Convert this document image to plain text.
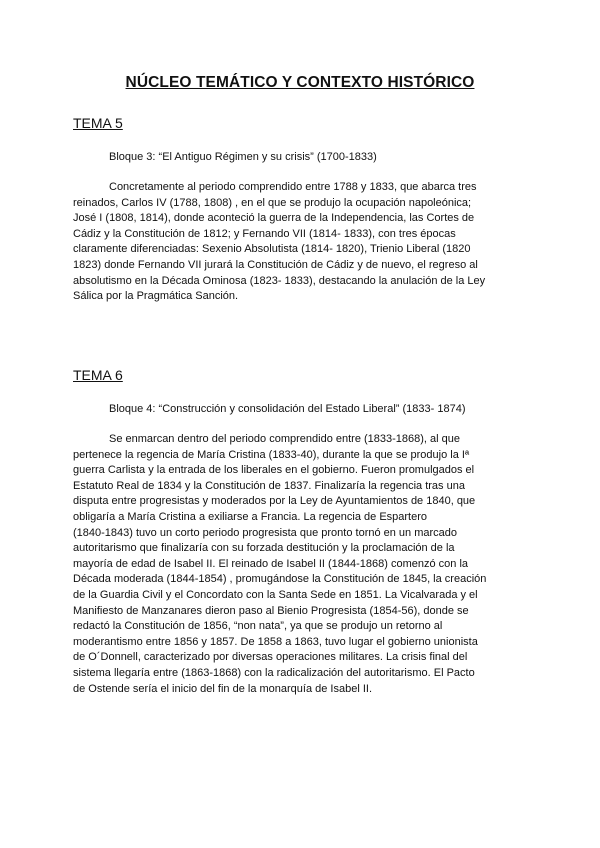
NÚCLEO TEMÁTICO Y CONTEXTO HISTÓRICO
TEMA 5
Bloque 3: “El Antiguo Régimen y su crisis” (1700-1833)
Concretamente al periodo comprendido entre 1788 y 1833, que abarca tres
reinados, Carlos IV (1788, 1808) , en el que se produjo la ocupación napoleónica;
José I (1808, 1814), donde aconteció la guerra de la Independencia, las Cortes de
Cádiz y la Constitución de 1812; y Fernando VII (1814- 1833), con tres épocas
claramente diferenciadas: Sexenio Absolutista (1814- 1820), Trienio Liberal (1820
1823) donde Fernando VII jurará la Constitución de Cádiz y de nuevo, el regreso al
absolutismo en la Década Ominosa (1823- 1833), destacando la anulación de la Ley
Sálica por la Pragmática Sanción.
TEMA 6
Bloque 4: “Construcción y consolidación del Estado Liberal” (1833- 1874)
Se enmarcan dentro del periodo comprendido entre (1833-1868), al que
pertenece la regencia de María Cristina (1833-40), durante la que se produjo la Iª
guerra Carlista y la entrada de los liberales en el gobierno. Fueron promulgados el
Estatuto Real de 1834 y la Constitución de 1837. Finalizaría la regencia tras una
disputa entre progresistas y moderados por la Ley de Ayuntamientos de 1840, que
obligaría a María Cristina a exiliarse a Francia. La regencia de Espartero
(1840-1843) tuvo un corto periodo progresista que pronto tornó en un marcado
autoritarismo que finalizaría con su forzada destitución y la proclamación de la
mayoría de edad de Isabel II. El reinado de Isabel II (1844-1868) comenzó con la
Década moderada (1844-1854) , promugándose la Constitución de 1845, la creación
de la Guardia Civil y el Concordato con la Santa Sede en 1851. La Vicalvarada y el
Manifiesto de Manzanares dieron paso al Bienio Progresista (1854-56), donde se
redactó la Constitución de 1856, “non nata”, ya que se produjo un retorno al
moderantismo entre 1856 y 1857. De 1858 a 1863, tuvo lugar el gobierno unionista
de O´Donnell, caracterizado por diversas operaciones militares. La crisis final del
sistema llegaría entre (1863-1868) con la radicalización del autoritarismo. El Pacto
de Ostende sería el inicio del fin de la monarquía de Isabel II.
